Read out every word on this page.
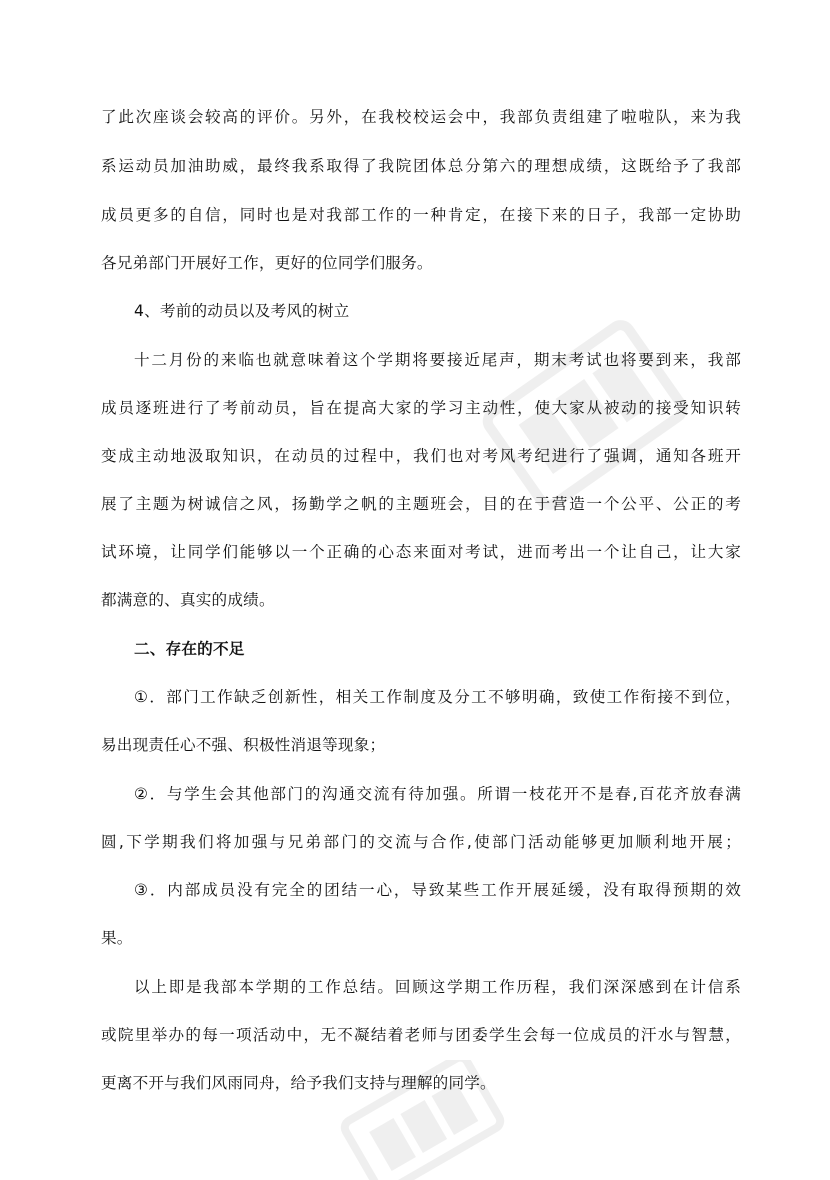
了此次座谈会较高的评价。另外，在我校校运会中，我部负责组建了啦啦队，来为我
系运动员加油助威，最终我系取得了我院团体总分第六的理想成绩，这既给予了我部
成员更多的自信，同时也是对我部工作的一种肯定，在接下来的日子，我部一定协助
各兄弟部门开展好工作，更好的位同学们服务。
4、考前的动员以及考风的树立
十二月份的来临也就意味着这个学期将要接近尾声，期末考试也将要到来，我部
成员逐班进行了考前动员，旨在提高大家的学习主动性，使大家从被动的接受知识转
变成主动地汲取知识，在动员的过程中，我们也对考风考纪进行了强调，通知各班开
展了主题为树诚信之风，扬勤学之帆的主题班会，目的在于营造一个公平、公正的考
试环境，让同学们能够以一个正确的心态来面对考试，进而考出一个让自己，让大家
都满意的、真实的成绩。
二、存在的不足
①．部门工作缺乏创新性，相关工作制度及分工不够明确，致使工作衔接不到位，
易出现责任心不强、积极性消退等现象；
②．与学生会其他部门的沟通交流有待加强。所谓一枝花开不是春,百花齐放春满
圆,下学期我们将加强与兄弟部门的交流与合作,使部门活动能够更加顺利地开展；
③．内部成员没有完全的团结一心，导致某些工作开展延缓，没有取得预期的效
果。
以上即是我部本学期的工作总结。回顾这学期工作历程，我们深深感到在计信系
或院里举办的每一项活动中，无不凝结着老师与团委学生会每一位成员的汗水与智慧，
更离不开与我们风雨同舟，给予我们支持与理解的同学。
